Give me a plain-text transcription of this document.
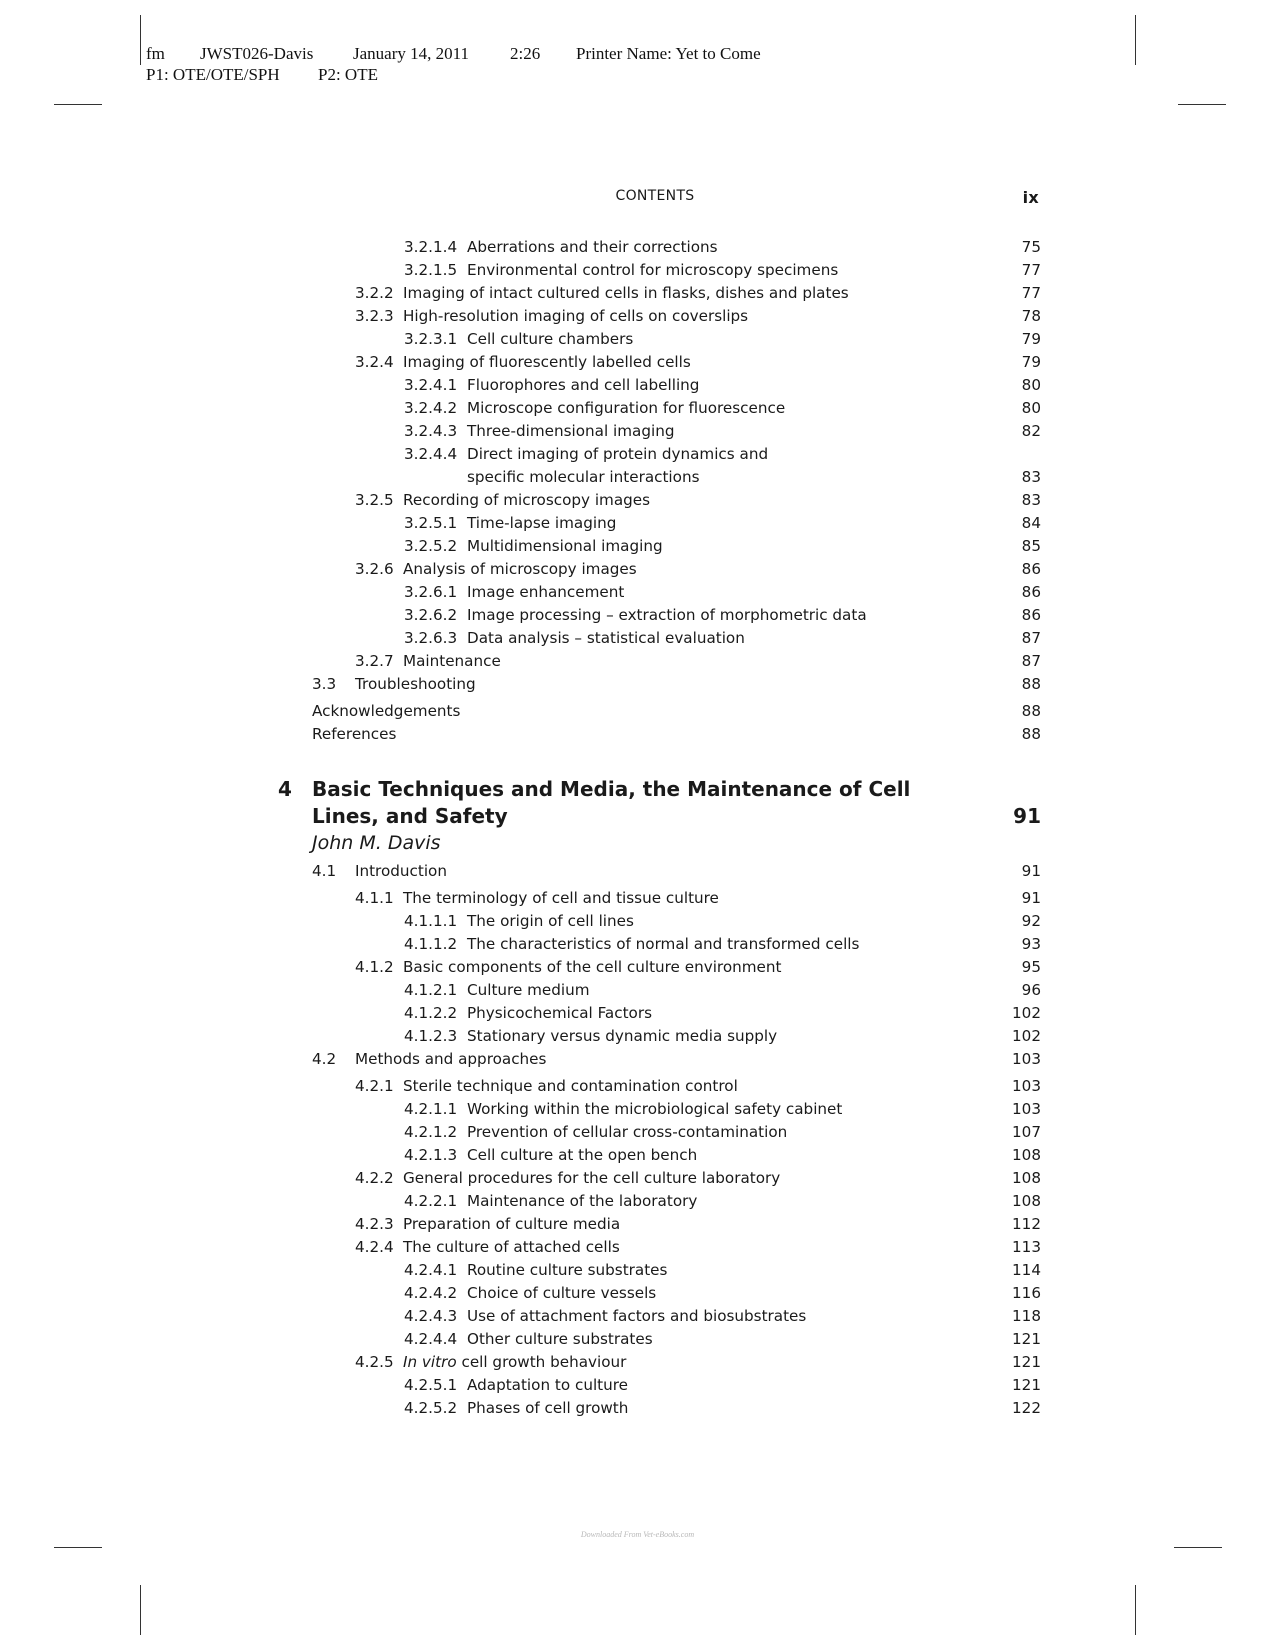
fm JWST026-Davis January 14, 2011 2:26 Printer Name: Yet to Come
P1: OTE/OTE/SPH P2: OTE
CONTENTS	ix
3.2.1.4 Aberrations and their corrections	75
3.2.1.5 Environmental control for microscopy specimens	77
3.2.2 Imaging of intact cultured cells in flasks, dishes and plates	77
3.2.3 High-resolution imaging of cells on coverslips	78
3.2.3.1 Cell culture chambers	79
3.2.4 Imaging of fluorescently labelled cells	79
3.2.4.1 Fluorophores and cell labelling	80
3.2.4.2 Microscope configuration for fluorescence	80
3.2.4.3 Three-dimensional imaging	82
3.2.4.4 Direct imaging of protein dynamics and
specific molecular interactions	83
3.2.5 Recording of microscopy images	83
3.2.5.1 Time-lapse imaging	84
3.2.5.2 Multidimensional imaging	85
3.2.6 Analysis of microscopy images	86
3.2.6.1 Image enhancement	86
3.2.6.2 Image processing – extraction of morphometric data	86
3.2.6.3 Data analysis – statistical evaluation	87
3.2.7 Maintenance	87
3.3 Troubleshooting	88
Acknowledgements	88
References	88
4 Basic Techniques and Media, the Maintenance of Cell Lines, and Safety	91
John M. Davis
4.1 Introduction	91
4.1.1 The terminology of cell and tissue culture	91
4.1.1.1 The origin of cell lines	92
4.1.1.2 The characteristics of normal and transformed cells	93
4.1.2 Basic components of the cell culture environment	95
4.1.2.1 Culture medium	96
4.1.2.2 Physicochemical Factors	102
4.1.2.3 Stationary versus dynamic media supply	102
4.2 Methods and approaches	103
4.2.1 Sterile technique and contamination control	103
4.2.1.1 Working within the microbiological safety cabinet	103
4.2.1.2 Prevention of cellular cross-contamination	107
4.2.1.3 Cell culture at the open bench	108
4.2.2 General procedures for the cell culture laboratory	108
4.2.2.1 Maintenance of the laboratory	108
4.2.3 Preparation of culture media	112
4.2.4 The culture of attached cells	113
4.2.4.1 Routine culture substrates	114
4.2.4.2 Choice of culture vessels	116
4.2.4.3 Use of attachment factors and biosubstrates	118
4.2.4.4 Other culture substrates	121
4.2.5 In vitro cell growth behaviour	121
4.2.5.1 Adaptation to culture	121
4.2.5.2 Phases of cell growth	122
Downloaded From Vet-eBooks.com
